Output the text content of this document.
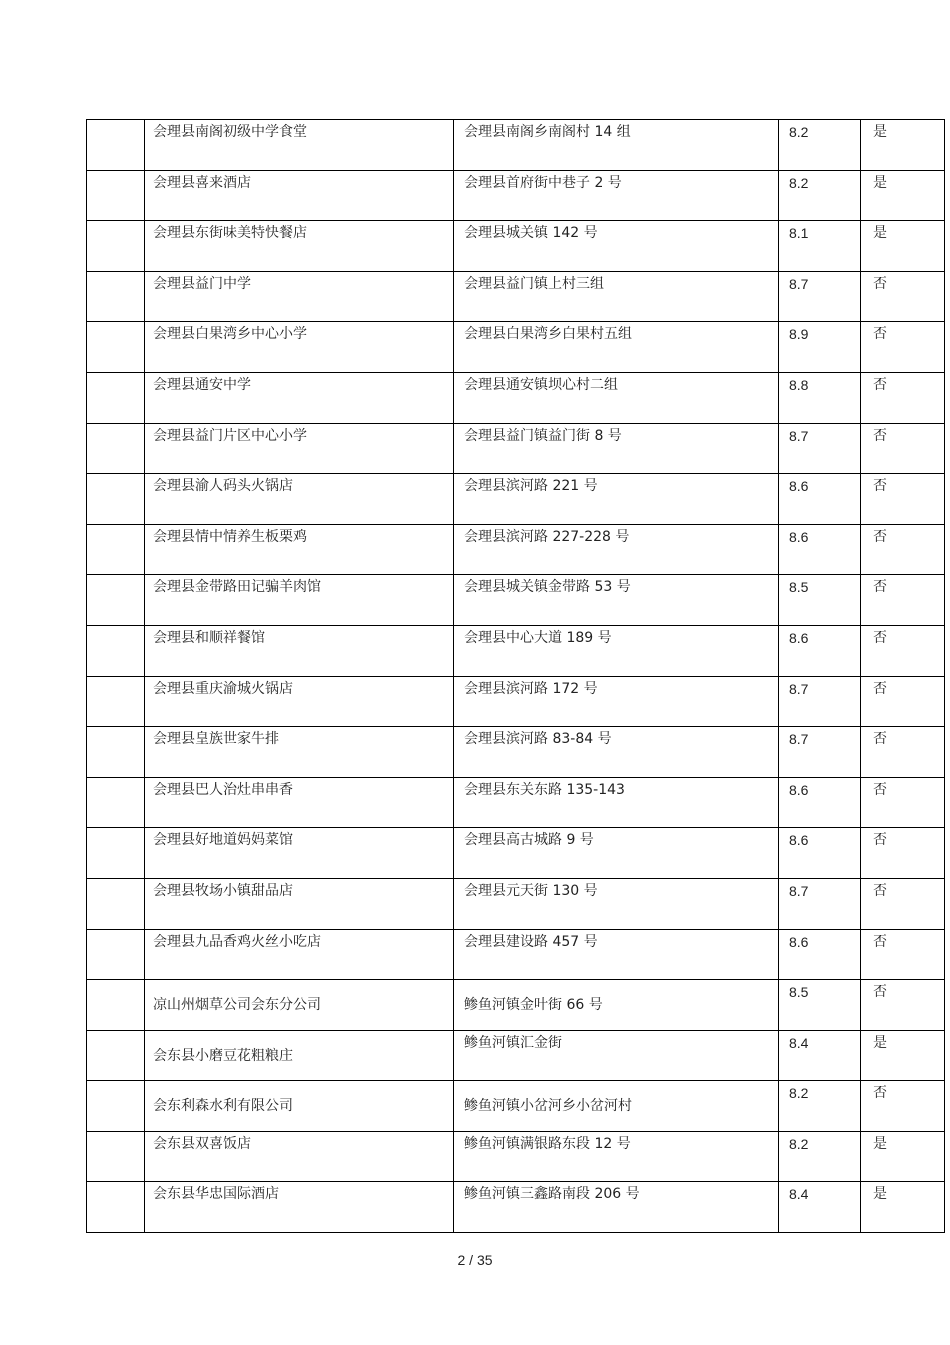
	会理县南阁初级中学食堂	会理县南阁乡南阁村 14 组	8.2	是

	会理县喜来酒店	会理县首府街中巷子 2 号	8.2	是

	会理县东街味美特快餐店	会理县城关镇 142 号	8.1	是

	会理县益门中学	会理县益门镇上村三组	8.7	否

	会理县白果湾乡中心小学	会理县白果湾乡白果村五组	8.9	否

	会理县通安中学	会理县通安镇坝心村二组	8.8	否

	会理县益门片区中心小学	会理县益门镇益门街 8 号	8.7	否

	会理县渝人码头火锅店	会理县滨河路 221 号	8.6	否

	会理县情中情养生板栗鸡	会理县滨河路 227-228 号	8.6	否

	会理县金带路田记骗羊肉馆	会理县城关镇金带路 53 号	8.5	否

	会理县和顺祥餐馆	会理县中心大道 189 号	8.6	否

	会理县重庆渝城火锅店	会理县滨河路 172 号	8.7	否

	会理县皇族世家牛排	会理县滨河路 83-84 号	8.7	否

	会理县巴人治灶串串香	会理县东关东路 135-143	8.6	否

	会理县好地道妈妈菜馆	会理县高古城路 9 号	8.6	否

	会理县牧场小镇甜品店	会理县元天街 130 号	8.7	否

	会理县九品香鸡火丝小吃店	会理县建设路 457 号	8.6	否

	凉山州烟草公司会东分公司	鲹鱼河镇金叶街 66 号	8.5	否

	会东县小磨豆花粗粮庄	鲹鱼河镇汇金街	8.4	是

	会东利森水利有限公司	鲹鱼河镇小岔河乡小岔河村	8.2	否

	会东县双喜饭店	鲹鱼河镇满银路东段 12 号	8.2	是

	会东县华忠国际酒店	鲹鱼河镇三鑫路南段 206 号	8.4	是
2 / 35
